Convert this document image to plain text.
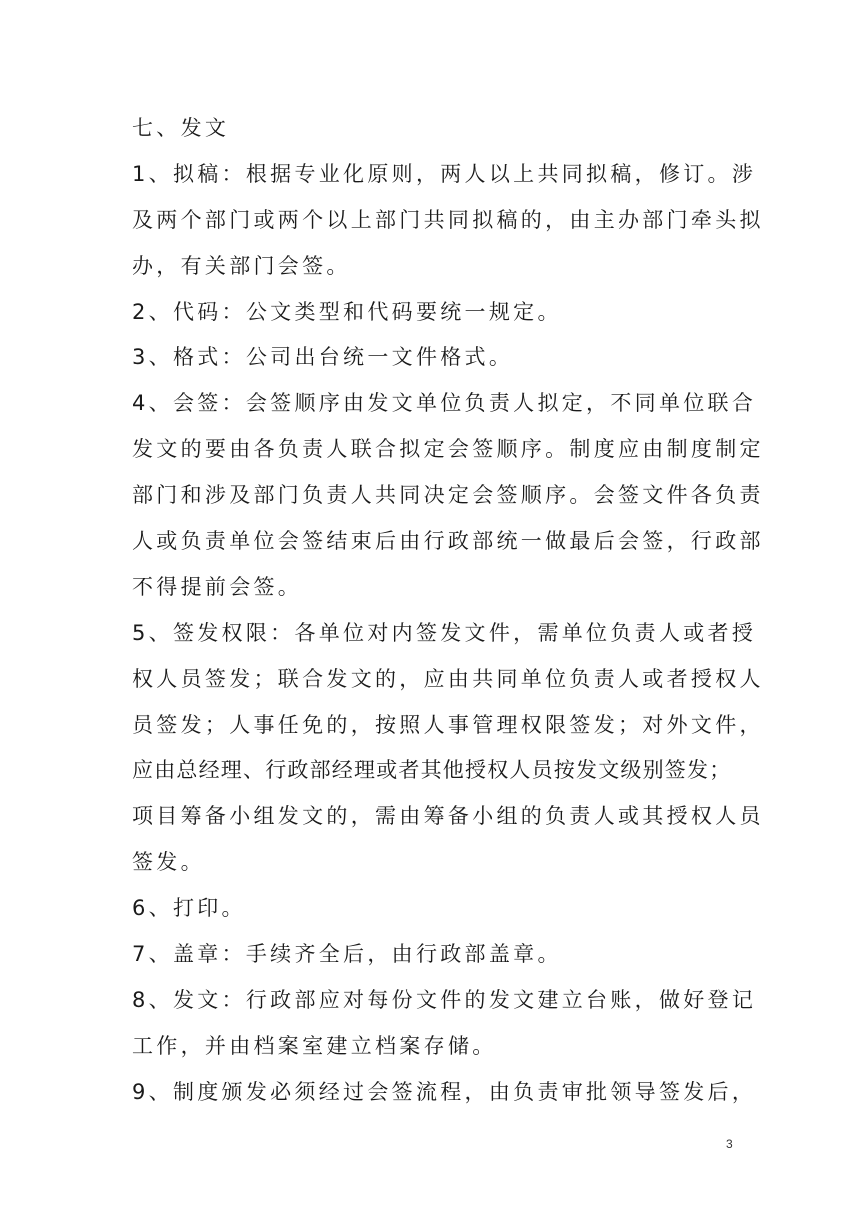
七、发文
1、拟稿：根据专业化原则，两人以上共同拟稿，修订。涉
及两个部门或两个以上部门共同拟稿的，由主办部门牵头拟
办，有关部门会签。
2、代码：公文类型和代码要统一规定。
3、格式：公司出台统一文件格式。
4、会签：会签顺序由发文单位负责人拟定，不同单位联合
发文的要由各负责人联合拟定会签顺序。制度应由制度制定
部门和涉及部门负责人共同决定会签顺序。会签文件各负责
人或负责单位会签结束后由行政部统一做最后会签，行政部
不得提前会签。
5、签发权限：各单位对内签发文件，需单位负责人或者授
权人员签发；联合发文的，应由共同单位负责人或者授权人
员签发；人事任免的，按照人事管理权限签发；对外文件，
应由总经理、行政部经理或者其他授权人员按发文级别签发；
项目筹备小组发文的，需由筹备小组的负责人或其授权人员
签发。
6、打印。
7、盖章：手续齐全后，由行政部盖章。
8、发文：行政部应对每份文件的发文建立台账，做好登记
工作，并由档案室建立档案存储。
9、制度颁发必须经过会签流程，由负责审批领导签发后，
3
